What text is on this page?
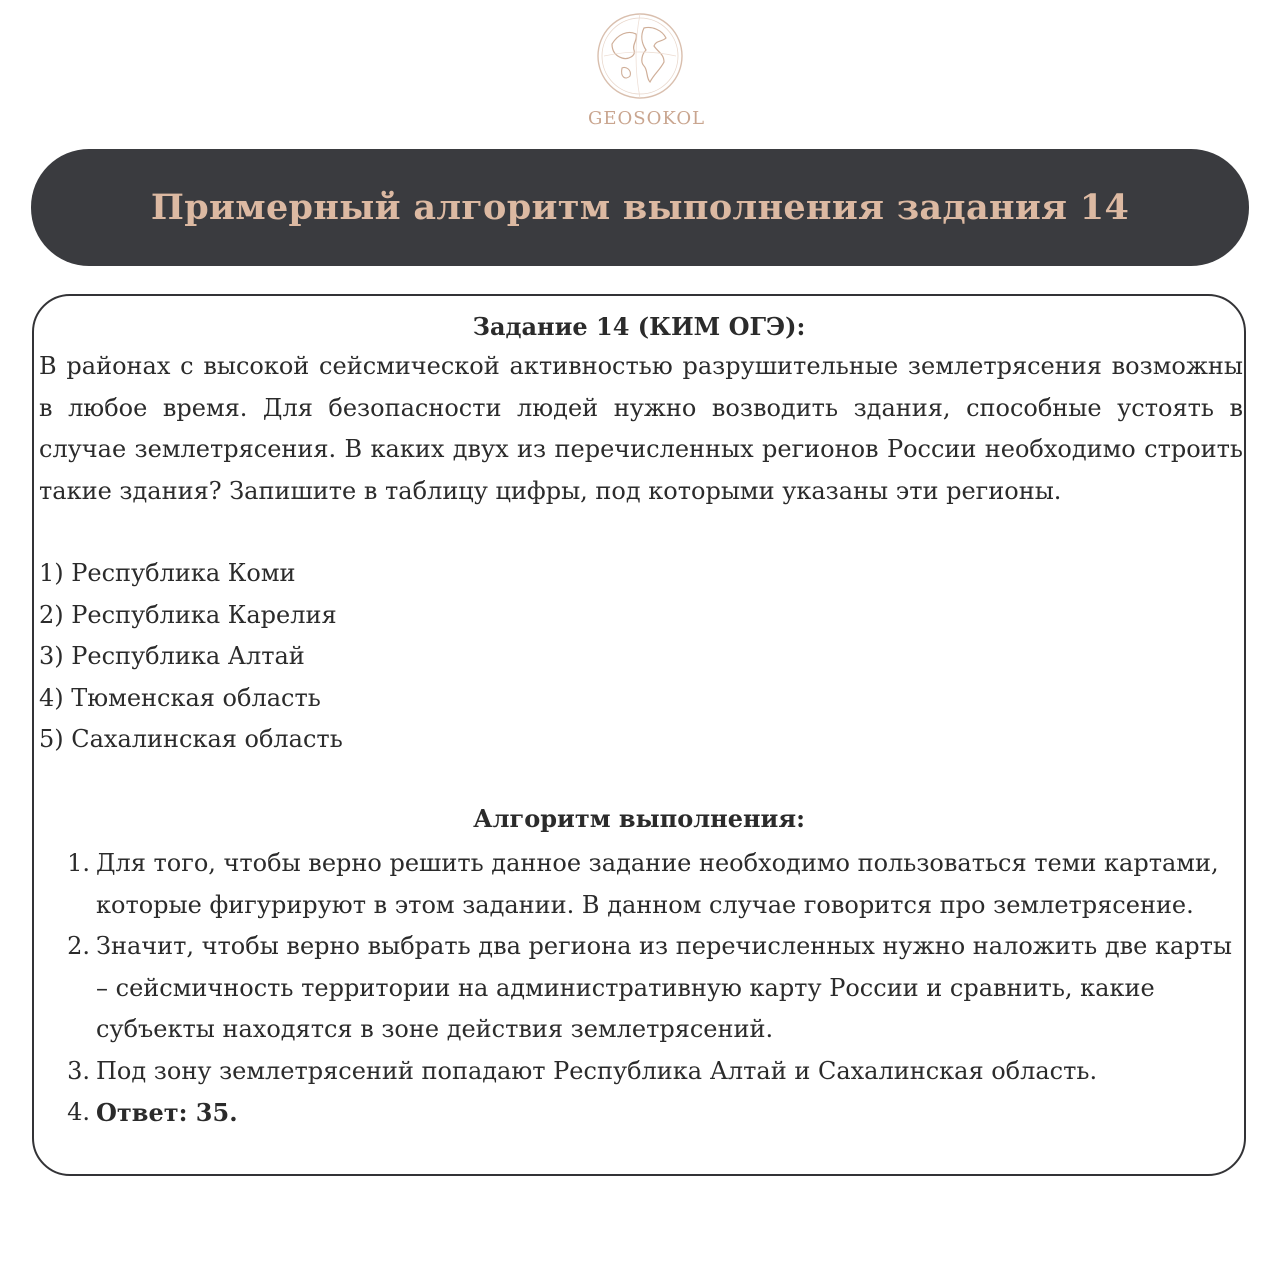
GEOSOKOL
Примерный алгоритм выполнения задания 14
Задание 14 (КИМ ОГЭ):

В районах с высокой сейсмической активностью разрушительные землетрясения возможны в любое время. Для безопасности людей нужно возводить здания, способные устоять в случае землетрясения. В каких двух из перечисленных регионов России необходимо строить такие здания? Запишите в таблицу цифры, под которыми указаны эти регионы.

1) Республика Коми
2) Республика Карелия
3) Республика Алтай
4) Тюменская область
5) Сахалинская область
Алгоритм выполнения:
1. Для того, чтобы верно решить данное задание необходимо пользоваться теми картами, которые фигурируют в этом задании. В данном случае говорится про землетрясение.
2. Значит, чтобы верно выбрать два региона из перечисленных нужно наложить две карты – сейсмичность территории на административную карту России и сравнить, какие субъекты находятся в зоне действия землетрясений.
3. Под зону землетрясений попадают Республика Алтай и Сахалинская область.
4. Ответ: 35.
